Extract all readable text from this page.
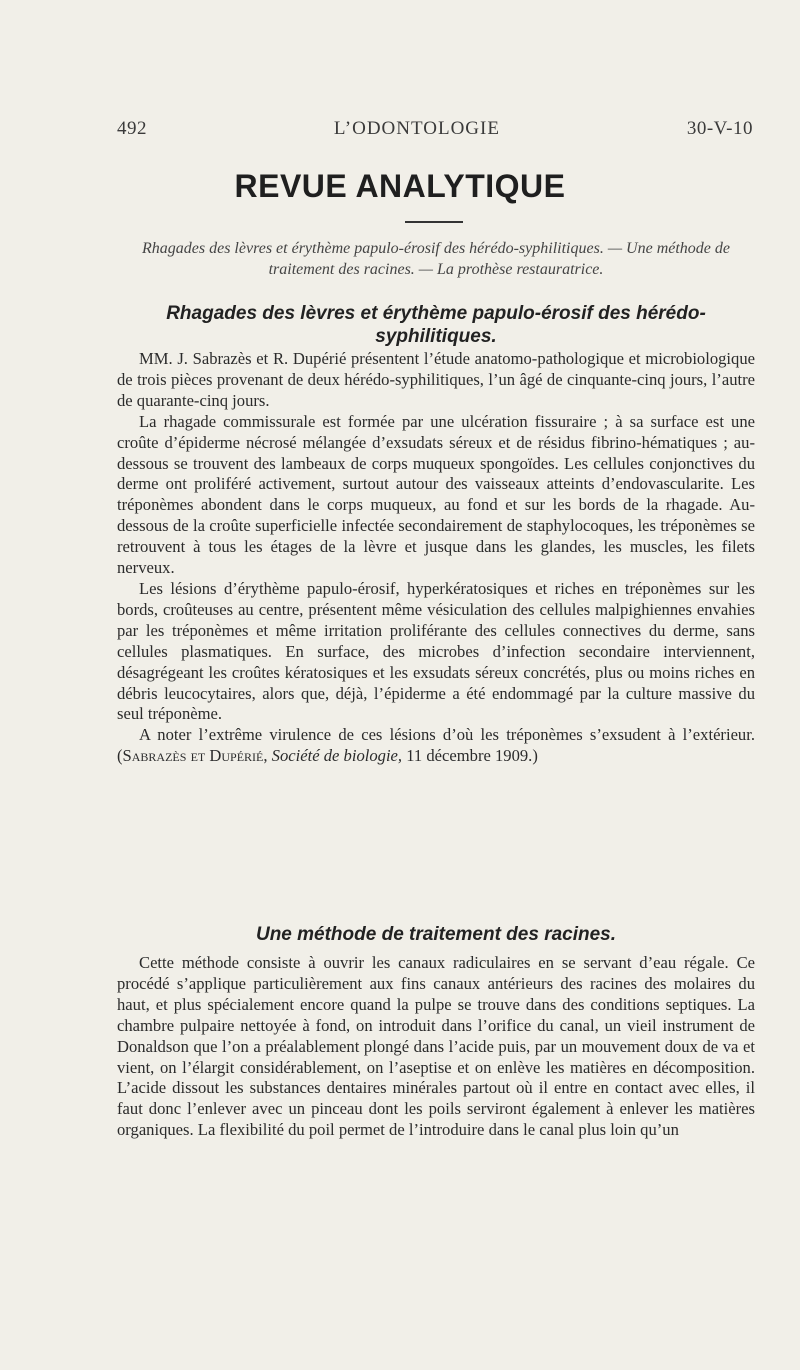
492	L’ODONTOLOGIE	30-V-10
REVUE ANALYTIQUE
Rhagades des lèvres et érythème papulo-érosif des hérédo-syphilitiques. — Une méthode de traitement des racines. — La prothèse restauratrice.
Rhagades des lèvres et érythème papulo-érosif des hérédo-syphilitiques.

MM. J. Sabrazès et R. Dupérié présentent l’étude anatomo-pathologique et microbiologique de trois pièces provenant de deux hérédo-syphilitiques, l’un âgé de cinquante-cinq jours, l’autre de quarante-cinq jours.

La rhagade commissurale est formée par une ulcération fissuraire ; à sa surface est une croûte d’épiderme nécrosé mélangée d’exsudats séreux et de résidus fibrino-hématiques ; au-dessous se trouvent des lambeaux de corps muqueux spongoïdes. Les cellules conjonctives du derme ont proliféré activement, surtout autour des vaisseaux atteints d’endovascularite. Les tréponèmes abondent dans le corps muqueux, au fond et sur les bords de la rhagade. Au-dessous de la croûte superficielle infectée secondairement de staphylocoques, les tréponèmes se retrouvent à tous les étages de la lèvre et jusque dans les glandes, les muscles, les filets nerveux.

Les lésions d’érythème papulo-érosif, hyperkératosiques et riches en tréponèmes sur les bords, croûteuses au centre, présentent même vésiculation des cellules malpighiennes envahies par les tréponèmes et même irritation proliférante des cellules connectives du derme, sans cellules plasmatiques. En surface, des microbes d’infection secondaire interviennent, désagrégeant les croûtes kératosiques et les exsudats séreux concrétés, plus ou moins riches en débris leucocytaires, alors que, déjà, l’épiderme a été endommagé par la culture massive du seul tréponème.

A noter l’extrême virulence de ces lésions d’où les tréponèmes s’exsudent à l’extérieur. (Sabrazès et Dupérié, Société de biologie, 11 décembre 1909.)

Une méthode de traitement des racines.

Cette méthode consiste à ouvrir les canaux radiculaires en se servant d’eau régale. Ce procédé s’applique particulièrement aux fins canaux antérieurs des racines des molaires du haut, et plus spécialement encore quand la pulpe se trouve dans des conditions septiques. La chambre pulpaire nettoyée à fond, on introduit dans l’orifice du canal, un vieil instrument de Donaldson que l’on a préalablement plongé dans l’acide puis, par un mouvement doux de va et vient, on l’élargit considérablement, on l’aseptise et on enlève les matières en décomposition. L’acide dissout les substances dentaires minérales partout où il entre en contact avec elles, il faut donc l’enlever avec un pinceau dont les poils serviront également à enlever les matières organiques. La flexibilité du poil permet de l’introduire dans le canal plus loin qu’un
